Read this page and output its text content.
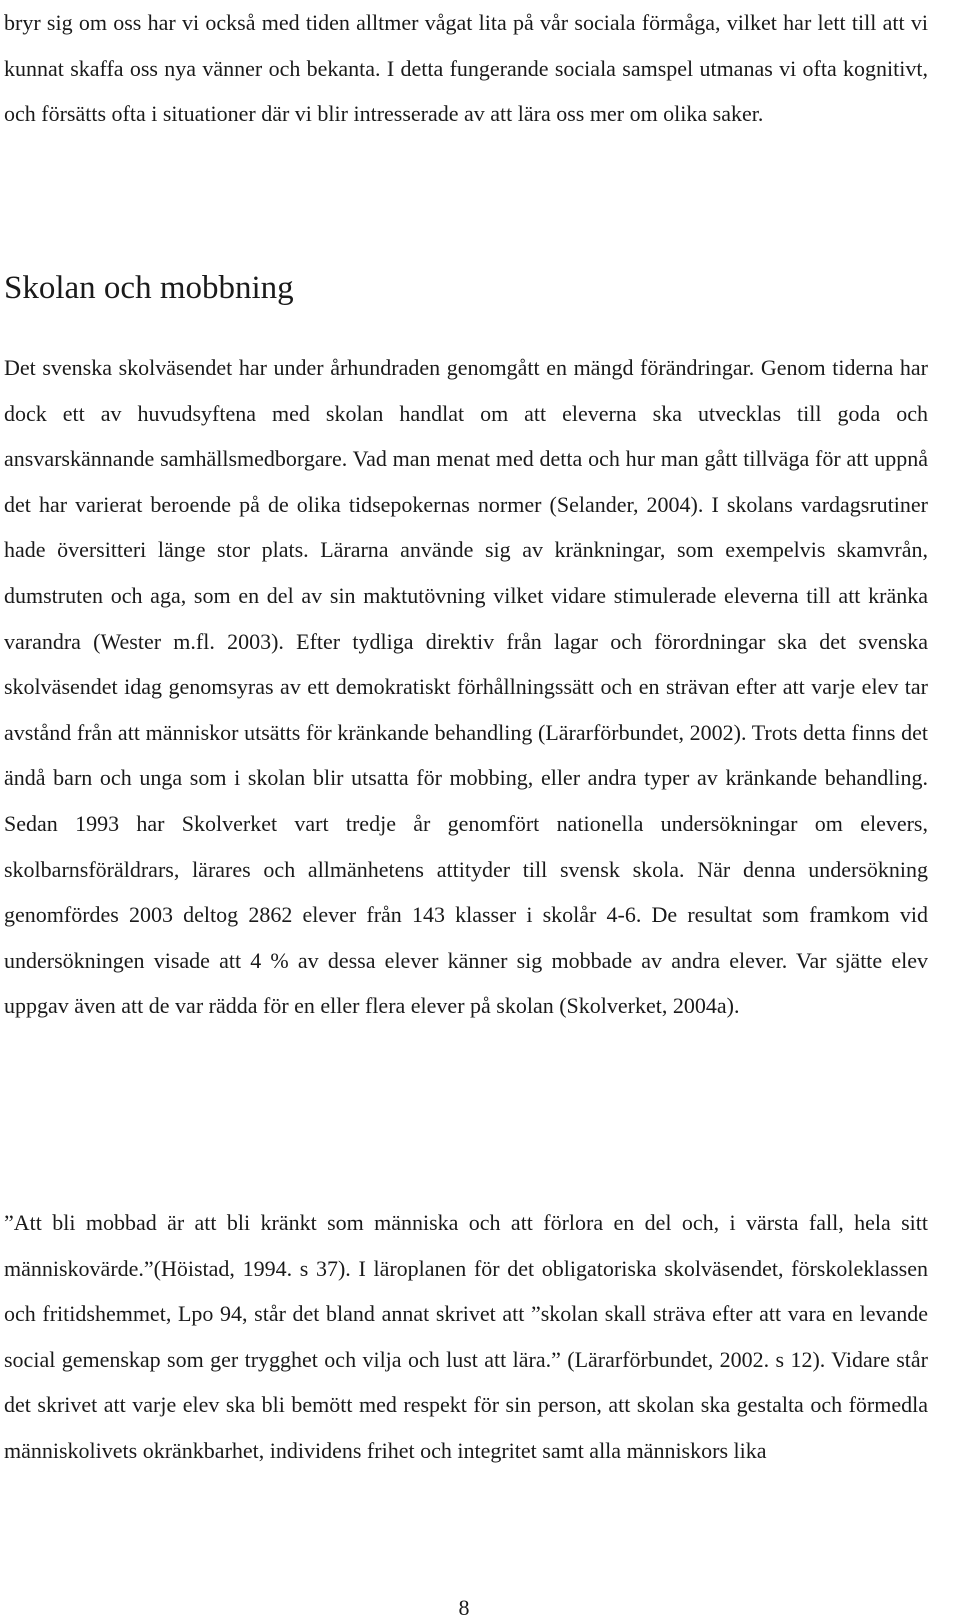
bryr sig om oss har vi också med tiden alltmer vågat lita på vår sociala förmåga, vilket har lett till att vi kunnat skaffa oss nya vänner och bekanta. I detta fungerande sociala samspel utmanas vi ofta kognitivt, och försätts ofta i situationer där vi blir intresserade av att lära oss mer om olika saker.

Skolan och mobbning

Det svenska skolväsendet har under århundraden genomgått en mängd förändringar. Genom tiderna har dock ett av huvudsyftena med skolan handlat om att eleverna ska utvecklas till goda och ansvarskännande samhällsmedborgare. Vad man menat med detta och hur man gått tillväga för att uppnå det har varierat beroende på de olika tidsepokernas normer (Selander, 2004). I skolans vardagsrutiner hade översitteri länge stor plats. Lärarna använde sig av kränkningar, som exempelvis skamvrån, dumstruten och aga, som en del av sin maktutövning vilket vidare stimulerade eleverna till att kränka varandra (Wester m.fl. 2003). Efter tydliga direktiv från lagar och förordningar ska det svenska skolväsendet idag genomsyras av ett demokratiskt förhållningssätt och en strävan efter att varje elev tar avstånd från att människor utsätts för kränkande behandling (Lärarförbundet, 2002). Trots detta finns det ändå barn och unga som i skolan blir utsatta för mobbing, eller andra typer av kränkande behandling. Sedan 1993 har Skolverket vart tredje år genomfört nationella undersökningar om elevers, skolbarnsföräldrars, lärares och allmänhetens attityder till svensk skola. När denna undersökning genomfördes 2003 deltog 2862 elever från 143 klasser i skolår 4-6. De resultat som framkom vid undersökningen visade att 4 % av dessa elever känner sig mobbade av andra elever. Var sjätte elev uppgav även att de var rädda för en eller flera elever på skolan (Skolverket, 2004a).

”Att bli mobbad är att bli kränkt som människa och att förlora en del och, i värsta fall, hela sitt människovärde.”(Höistad, 1994. s 37). I läroplanen för det obligatoriska skolväsendet, förskoleklassen och fritidshemmet, Lpo 94, står det bland annat skrivet att ”skolan skall sträva efter att vara en levande social gemenskap som ger trygghet och vilja och lust att lära.” (Lärarförbundet, 2002. s 12). Vidare står det skrivet att varje elev ska bli bemött med respekt för sin person, att skolan ska gestalta och förmedla människolivets okränkbarhet, individens frihet och integritet samt alla människors lika

8
